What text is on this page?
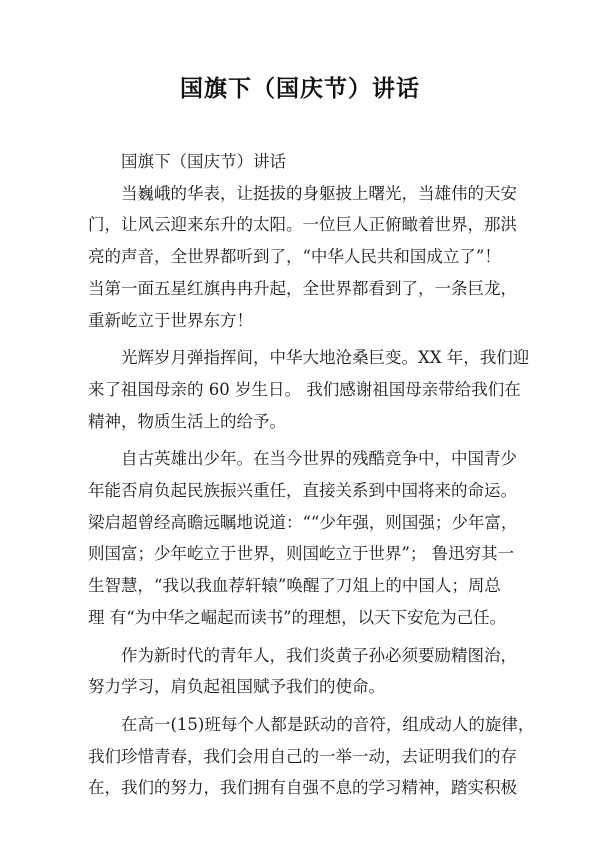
国旗下（国庆节）讲话

国旗下（国庆节）讲话

当巍峨的华表，让挺拔的身躯披上曙光，当雄伟的天安
门，让风云迎来东升的太阳。一位巨人正俯瞰着世界，那洪
亮的声音，全世界都听到了，“中华人民共和国成立了”！
当第一面五星红旗冉冉升起，全世界都看到了，一条巨龙，
重新屹立于世界东方！
光辉岁月弹指挥间，中华大地沧桑巨变。XX 年，我们迎
来了祖国母亲的 60 岁生日。 我们感谢祖国母亲带给我们在
精神，物质生活上的给予。
自古英雄出少年。在当今世界的残酷竞争中，中国青少
年能否肩负起民族振兴重任，直接关系到中国将来的命运。
梁启超曾经高瞻远瞩地说道：““少年强，则国强；少年富，
则国富；少年屹立于世界，则国屹立于世界”； 鲁迅穷其一
生智慧，“我以我血荐轩辕”唤醒了刀俎上的中国人；周总
理 有“为中华之崛起而读书”的理想，以天下安危为己任。
作为新时代的青年人，我们炎黄子孙必须要励精图治，
努力学习，肩负起祖国赋予我们的使命。
在高一(15)班每个人都是跃动的音符，组成动人的旋律，
我们珍惜青春，我们会用自己的一举一动，去证明我们的存
在，我们的努力，我们拥有自强不息的学习精神，踏实积极
